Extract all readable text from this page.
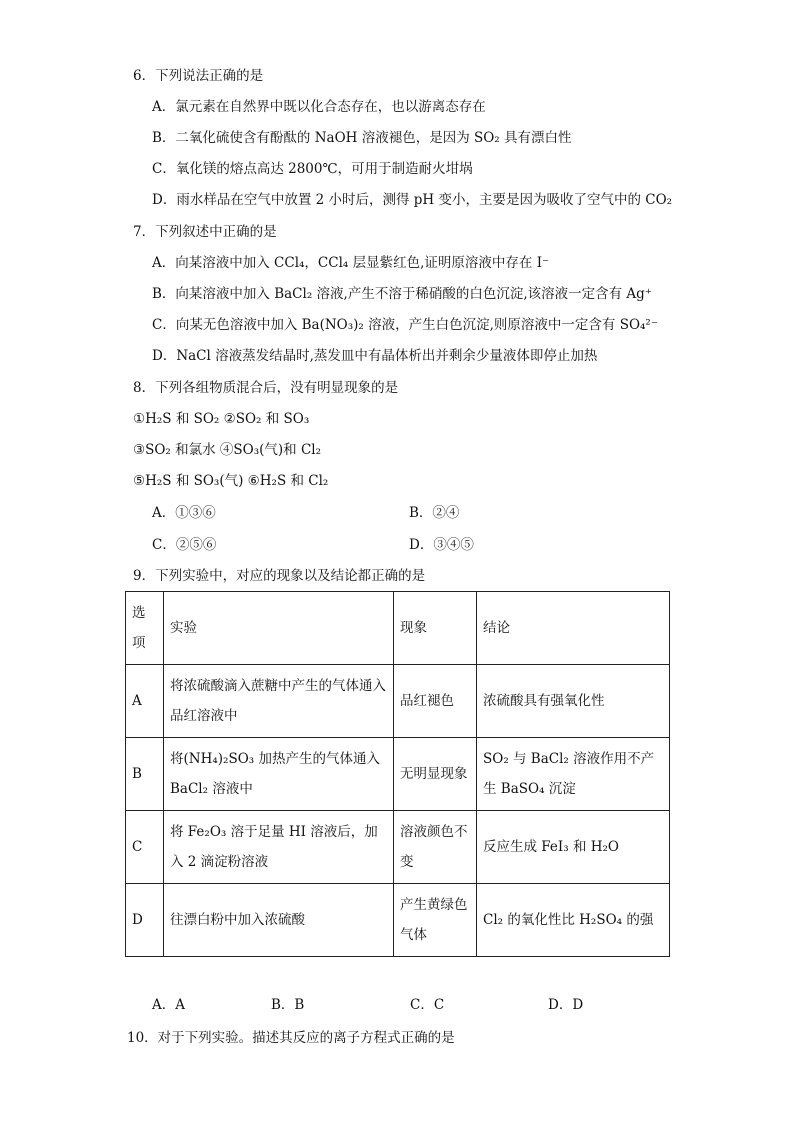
6．下列说法正确的是
A．氯元素在自然界中既以化合态存在，也以游离态存在
B．二氧化硫使含有酚酞的 NaOH 溶液褪色，是因为 SO₂ 具有漂白性
C．氧化镁的熔点高达 2800℃，可用于制造耐火坩埚
D．雨水样品在空气中放置 2 小时后，测得 pH 变小，主要是因为吸收了空气中的 CO₂
7．下列叙述中正确的是
A．向某溶液中加入 CCl₄，CCl₄ 层显紫红色,证明原溶液中存在 I⁻
B．向某溶液中加入 BaCl₂ 溶液,产生不溶于稀硝酸的白色沉淀,该溶液一定含有 Ag⁺
C．向某无色溶液中加入 Ba(NO₃)₂ 溶液，产生白色沉淀,则原溶液中一定含有 SO₄²⁻
D．NaCl 溶液蒸发结晶时,蒸发皿中有晶体析出并剩余少量液体即停止加热
8．下列各组物质混合后，没有明显现象的是
①H₂S 和 SO₂ ②SO₂ 和 SO₃
③SO₂ 和氯水 ④SO₃(气)和 Cl₂
⑤H₂S 和 SO₃(气) ⑥H₂S 和 Cl₂
A．①③⑥	B．②④
C．②⑤⑥	D．③④⑤
9．下列实验中，对应的现象以及结论都正确的是
选项	实验	现象	结论
A	将浓硫酸滴入蔗糖中产生的气体通入品红溶液中	品红褪色	浓硫酸具有强氧化性
B	将(NH₄)₂SO₃ 加热产生的气体通入 BaCl₂ 溶液中	无明显现象	SO₂ 与 BaCl₂ 溶液作用不产生 BaSO₄ 沉淀
C	将 Fe₂O₃ 溶于足量 HI 溶液后，加入 2 滴淀粉溶液	溶液颜色不变	反应生成 FeI₃ 和 H₂O
D	往漂白粉中加入浓硫酸	产生黄绿色气体	Cl₂ 的氧化性比 H₂SO₄ 的强
A．A	B．B	C．C	D．D
10．对于下列实验。描述其反应的离子方程式正确的是
